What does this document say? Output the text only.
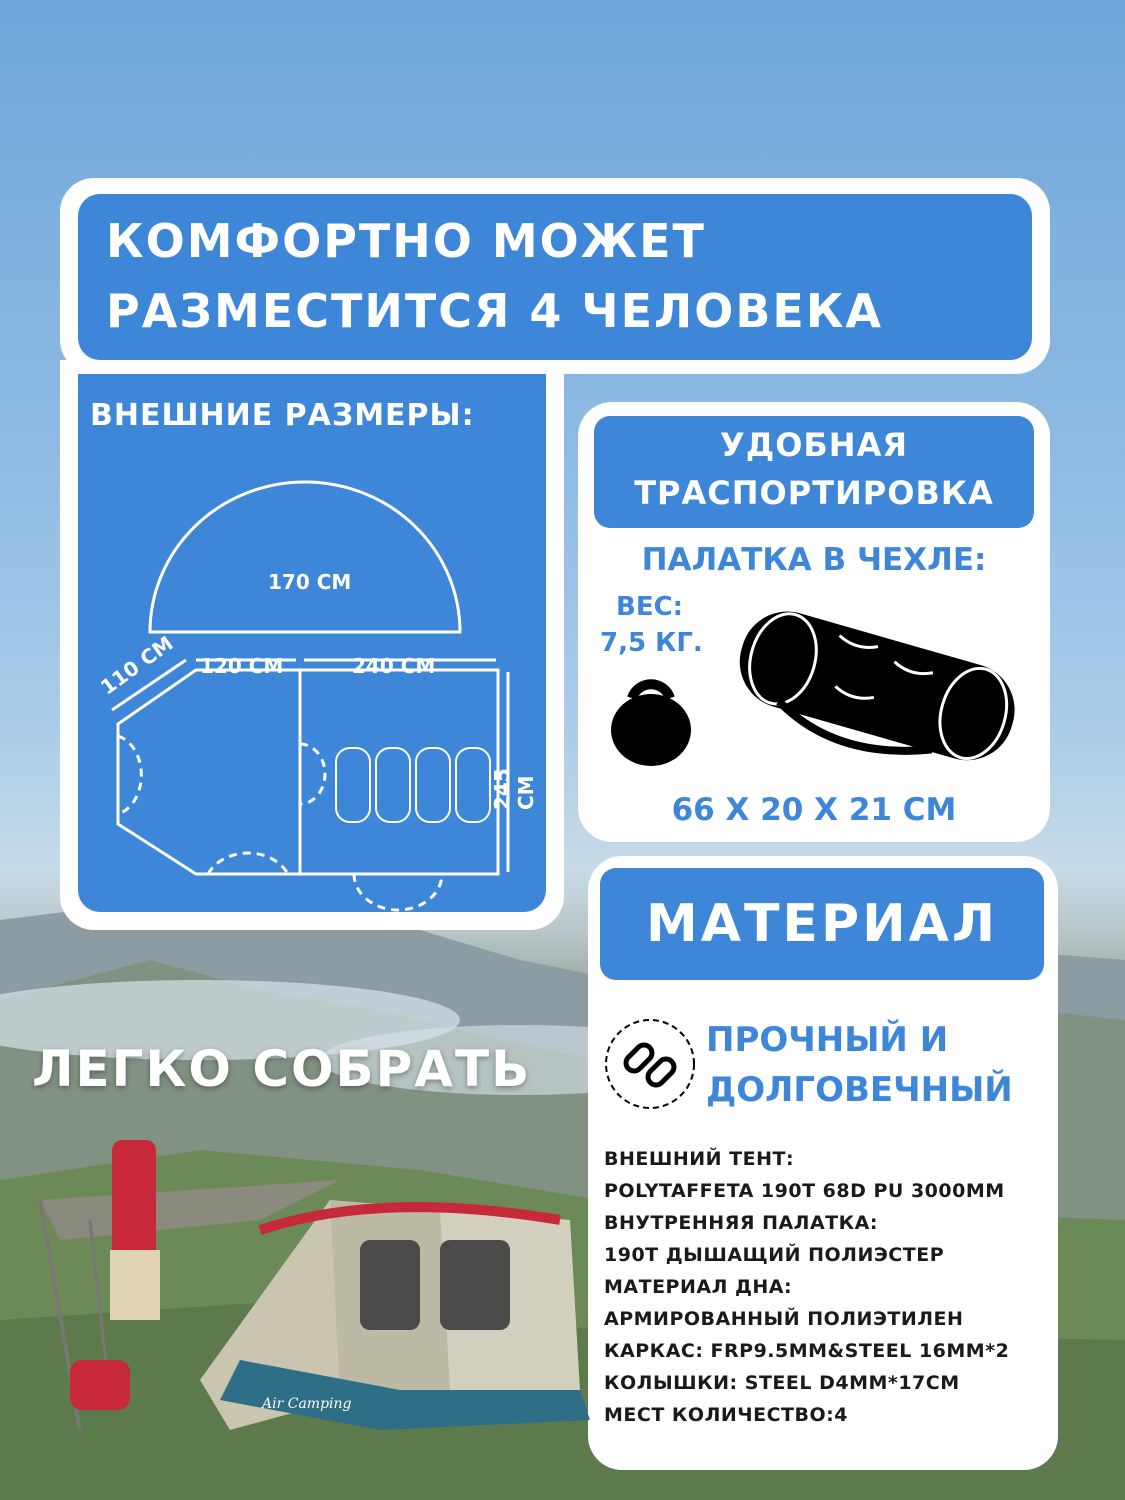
КОМФОРТНО МОЖЕТ
РАЗМЕСТИТСЯ 4 ЧЕЛОВЕКА
ВНЕШНИЕ РАЗМЕРЫ:
170 СМ
120 СМ	240 СМ
110 СМ
245 СМ
УДОБНАЯ
ТРАСПОРТИРОВКА
ПАЛАТКА В ЧЕХЛЕ:
ВЕС:
7,5 КГ.
66 Х 20 Х 21 СМ
МАТЕРИАЛ
ПРОЧНЫЙ И
ДОЛГОВЕЧНЫЙ
ВНЕШНИЙ ТЕНТ:
POLYTAFFETA 190T 68D PU 3000MM
ВНУТРЕННЯЯ ПАЛАТКА:
190T ДЫШАЩИЙ ПОЛИЭСТЕР
МАТЕРИАЛ ДНА:
АРМИРОВАННЫЙ ПОЛИЭТИЛЕН
КАРКАС: FRP9.5MM&STEEL 16MM*2
КОЛЫШКИ: STEEL D4MM*17CM
МЕСТ КОЛИЧЕСТВО:4
ЛЕГКО СОБРАТЬ
Air Camping
